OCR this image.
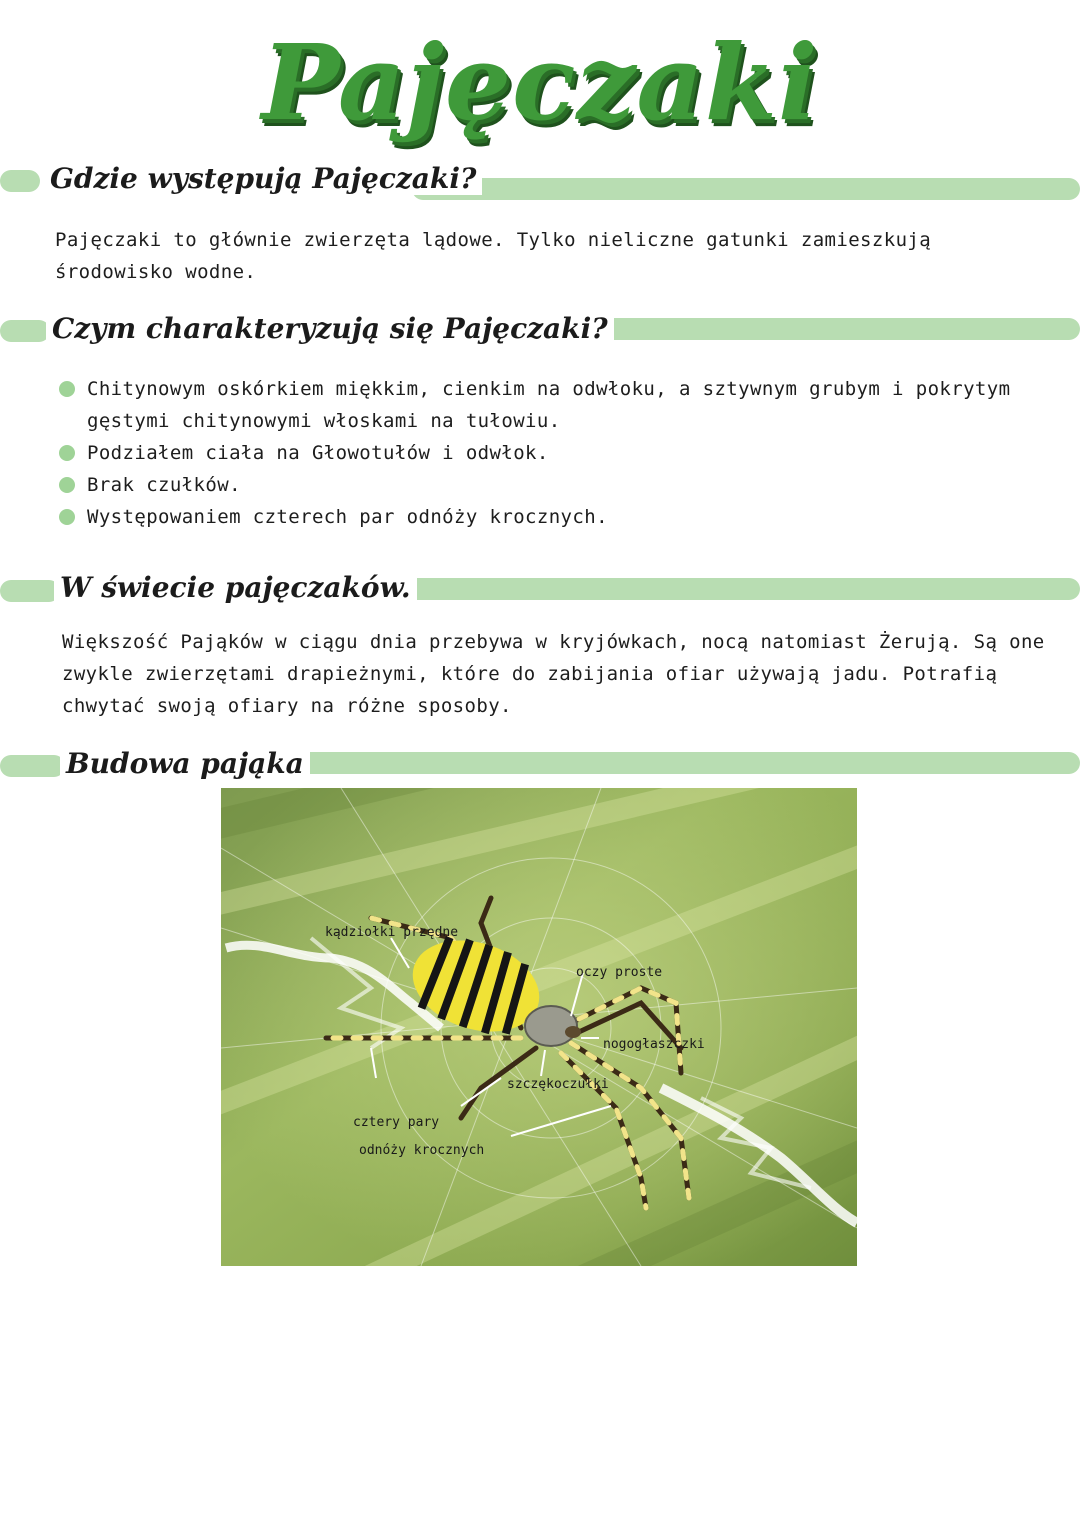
Pajęczaki
Gdzie występują Pajęczaki?
Pajęczaki to głównie zwierzęta lądowe. Tylko nieliczne gatunki zamieszkują środowisko wodne.
Czym charakteryzują się Pajęczaki?
Chitynowym oskórkiem miękkim, cienkim na odwłoku, a sztywnym grubym i pokrytym gęstymi chitynowymi włoskami na tułowiu.
Podziałem ciała na Głowotułów i odwłok.
Brak czułków.
Występowaniem czterech par odnóży krocznych.
W świecie pajęczaków.
Większość Pająków w ciągu dnia przebywa w kryjówkach, nocą natomiast Żerują. Są one zwykle zwierzętami drapieżnymi, które do zabijania ofiar używają jadu. Potrafią chwytać swoją ofiary na różne sposoby.
Budowa pająka
kądziołki przędne
oczy proste
nogogłaszczki
szczękoczułki
cztery pary
odnóży krocznych
